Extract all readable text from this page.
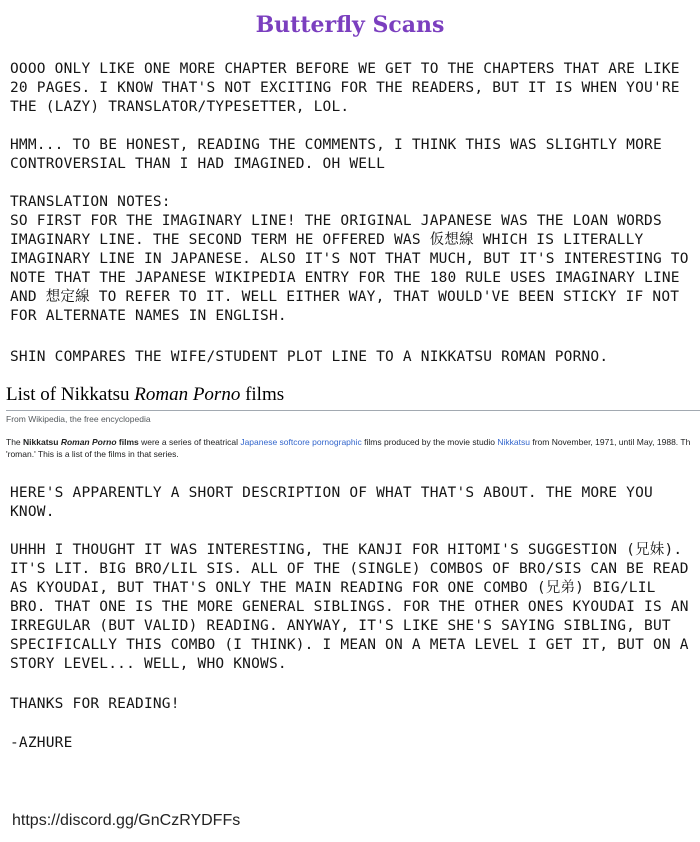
Butterfly Scans
OOOO ONLY LIKE ONE MORE CHAPTER BEFORE WE GET TO THE CHAPTERS THAT ARE LIKE 20 PAGES. I KNOW THAT'S NOT EXCITING FOR THE READERS, BUT IT IS WHEN YOU'RE THE (LAZY) TRANSLATOR/TYPESETTER, LOL.
HMM... TO BE HONEST, READING THE COMMENTS, I THINK THIS WAS SLIGHTLY MORE CONTROVERSIAL THAN I HAD IMAGINED. OH WELL
TRANSLATION NOTES:
SO FIRST FOR THE IMAGINARY LINE! THE ORIGINAL JAPANESE WAS THE LOAN WORDS IMAGINARY LINE. THE SECOND TERM HE OFFERED WAS 仮想線 WHICH IS LITERALLY IMAGINARY LINE IN JAPANESE. ALSO IT'S NOT THAT MUCH, BUT IT'S INTERESTING TO NOTE THAT THE JAPANESE WIKIPEDIA ENTRY FOR THE 180 RULE USES IMAGINARY LINE AND 想定線 TO REFER TO IT. WELL EITHER WAY, THAT WOULD'VE BEEN STICKY IF NOT FOR ALTERNATE NAMES IN ENGLISH.
SHIN COMPARES THE WIFE/STUDENT PLOT LINE TO A NIKKATSU ROMAN PORNO.
List of Nikkatsu Roman Porno films
From Wikipedia, the free encyclopedia
The Nikkatsu Roman Porno films were a series of theatrical Japanese softcore pornographic films produced by the movie studio Nikkatsu from November, 1971, until May, 1988. Th
'roman.' This is a list of the films in that series.
HERE'S APPARENTLY A SHORT DESCRIPTION OF WHAT THAT'S ABOUT. THE MORE YOU KNOW.
UHHH I THOUGHT IT WAS INTERESTING, THE KANJI FOR HITOMI'S SUGGESTION (兄妹). IT'S LIT. BIG BRO/LIL SIS. ALL OF THE (SINGLE) COMBOS OF BRO/SIS CAN BE READ AS KYOUDAI, BUT THAT'S ONLY THE MAIN READING FOR ONE COMBO (兄弟) BIG/LIL BRO. THAT ONE IS THE MORE GENERAL SIBLINGS. FOR THE OTHER ONES KYOUDAI IS AN IRREGULAR (BUT VALID) READING. ANYWAY, IT'S LIKE SHE'S SAYING SIBLING, BUT SPECIFICALLY THIS COMBO (I THINK). I MEAN ON A META LEVEL I GET IT, BUT ON A STORY LEVEL... WELL, WHO KNOWS.
THANKS FOR READING!
-AZHURE
https://discord.gg/GnCzRYDFFs
